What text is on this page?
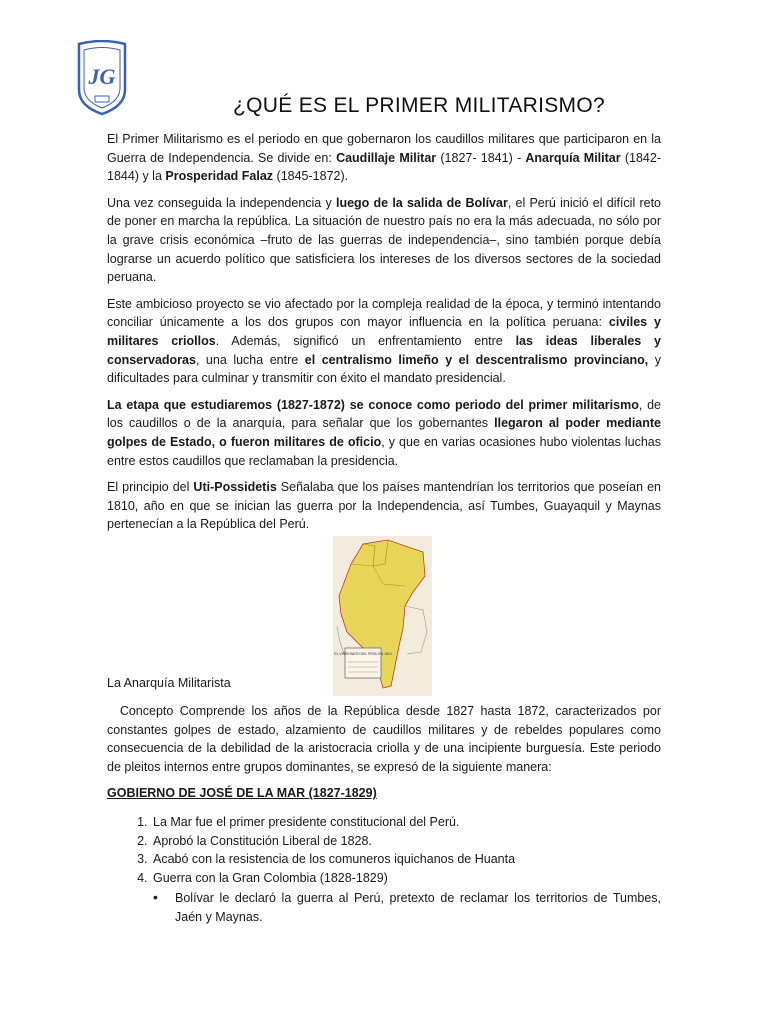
JG
¿QUÉ ES EL PRIMER MILITARISMO?

El Primer Militarismo es el periodo en que gobernaron los caudillos militares que participaron en la Guerra de Independencia. Se divide en: Caudillaje Militar (1827- 1841) - Anarquía Militar (1842-1844) y la Prosperidad Falaz (1845-1872).

Una vez conseguida la independencia y luego de la salida de Bolívar, el Perú inició el difícil reto de poner en marcha la república. La situación de nuestro país no era la más adecuada, no sólo por la grave crisis económica –fruto de las guerras de independencia–, sino también porque debía lograrse un acuerdo político que satisficiera los intereses de los diversos sectores de la sociedad peruana.

Este ambicioso proyecto se vio afectado por la compleja realidad de la época, y terminó intentando conciliar únicamente a los dos grupos con mayor influencia en la política peruana: civiles y militares criollos. Además, significó un enfrentamiento entre las ideas liberales y conservadoras, una lucha entre el centralismo limeño y el descentralismo provinciano, y dificultades para culminar y transmitir con éxito el mandato presidencial.

La etapa que estudiaremos (1827-1872) se conoce como periodo del primer militarismo, de los caudillos o de la anarquía, para señalar que los gobernantes llegaron al poder mediante golpes de Estado, o fueron militares de oficio, y que en varias ocasiones hubo violentas luchas entre estos caudillos que reclamaban la presidencia.

El principio del Uti-Possidetis Señalaba que los países mantendrían los territorios que poseían en 1810, año en que se inician las guerra por la Independencia, así Tumbes, Guayaquil y Maynas pertenecían a la República del Perú.

EL VIRREINATO DEL PERU EN 1810
La Anarquía Militarista

Concepto Comprende los años de la República desde 1827 hasta 1872, caracterizados por constantes golpes de estado, alzamiento de caudillos militares y de rebeldes populares como consecuencia de la debilidad de la aristocracia criolla y de una incipiente burguesía. Este periodo de pleitos internos entre grupos dominantes, se expresó de la siguiente manera:

GOBIERNO DE JOSÉ DE LA MAR (1827-1829)
1. La Mar fue el primer presidente constitucional del Perú.
2. Aprobó la Constitución Liberal de 1828.
3. Acabó con la resistencia de los comuneros iquichanos de Huanta
4. Guerra con la Gran Colombia (1828-1829)
• Bolívar le declaró la guerra al Perú, pretexto de reclamar los territorios de Tumbes, Jaén y Maynas.
